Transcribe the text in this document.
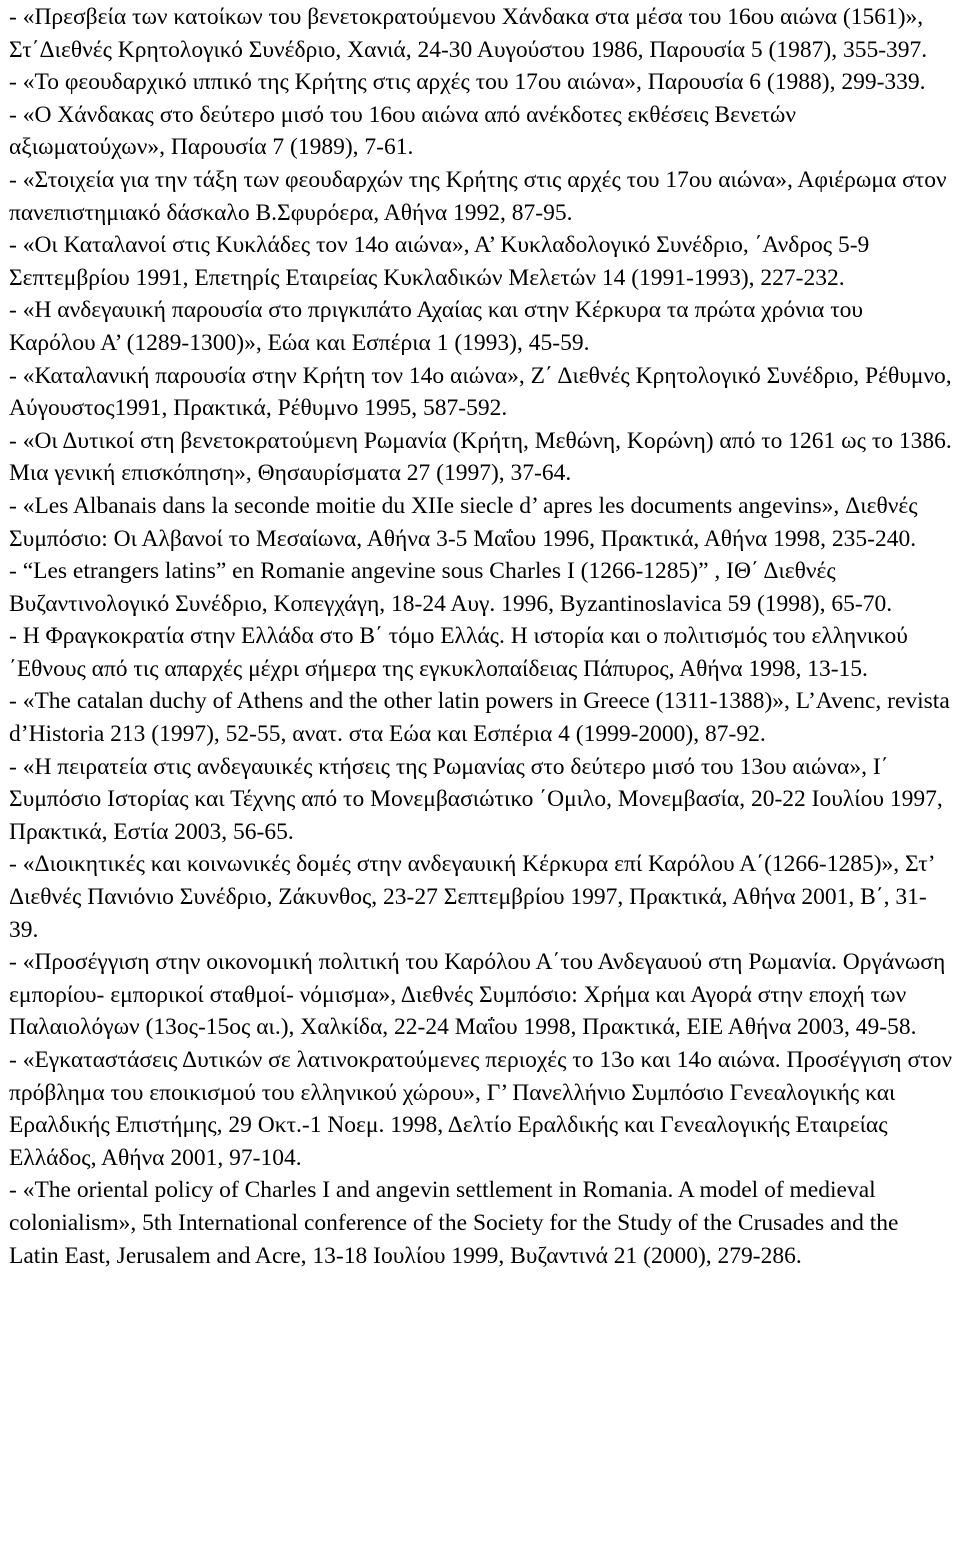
- «Πρεσβεία των κατοίκων του βενετοκρατούμενου Χάνδακα στα μέσα του 16ου αιώνα (1561)», Στ΄Διεθνές Κρητολογικό Συνέδριο, Χανιά, 24-30 Αυγούστου 1986, Παρουσία 5 (1987), 355-397.

- «Το φεουδαρχικό ιππικό της Κρήτης στις αρχές του 17ου αιώνα», Παρουσία 6 (1988), 299-339.

- «Ο Χάνδακας στο δεύτερο μισό του 16ου αιώνα από ανέκδοτες εκθέσεις Βενετών αξιωματούχων», Παρουσία 7 (1989), 7-61.

- «Στοιχεία για την τάξη των φεουδαρχών της Κρήτης στις αρχές του 17ου αιώνα», Αφιέρωμα στον πανεπιστημιακό δάσκαλο Β.Σφυρόερα, Αθήνα 1992, 87-95.

- «Οι Καταλανοί στις Κυκλάδες τον 14ο αιώνα», Α’ Κυκλαδολογικό Συνέδριο, ΄Ανδρος 5-9 Σεπτεμβρίου 1991, Επετηρίς Εταιρείας Κυκλαδικών Μελετών 14 (1991-1993), 227-232.

- «Η ανδεγαυική παρουσία στο πριγκιπάτο Αχαίας και στην Κέρκυρα τα πρώτα χρόνια του Καρόλου Α’ (1289-1300)», Εώα και Εσπέρια 1 (1993), 45-59.

- «Καταλανική παρουσία στην Κρήτη τον 14ο αιώνα», Ζ΄ Διεθνές Κρητολογικό Συνέδριο, Ρέθυμνο, Αύγουστος1991, Πρακτικά, Ρέθυμνο 1995, 587-592.

- «Οι Δυτικοί στη βενετοκρατούμενη Ρωμανία (Κρήτη, Μεθώνη, Κορώνη) από το 1261 ως το 1386. Μια γενική επισκόπηση», Θησαυρίσματα 27 (1997), 37-64.

- «Les Albanais dans la seconde moitie du XIIe siecle d’ apres les documents angevins», Διεθνές Συμπόσιο: Οι Αλβανοί το Μεσαίωνα, Αθήνα 3-5 Μαΐου 1996, Πρακτικά, Αθήνα 1998, 235-240.

- “Les etrangers latins” en Romanie angevine sous Charles I (1266-1285)” , ΙΘ΄ Διεθνές Βυζαντινολογικό Συνέδριο, Κοπεγχάγη, 18-24 Αυγ. 1996, Byzantinoslavica 59 (1998), 65-70.

- Η Φραγκοκρατία στην Ελλάδα στο Β΄ τόμο Ελλάς. Η ιστορία και ο πολιτισμός του ελληνικού ΄Εθνους από τις απαρχές μέχρι σήμερα της εγκυκλοπαίδειας Πάπυρος, Αθήνα 1998, 13-15.

- «The catalan duchy of Athens and the other latin powers in Greece (1311-1388)», L’Avenc, revista d’Historia 213 (1997), 52-55, ανατ. στα Εώα και Εσπέρια 4 (1999-2000), 87-92.

- «Η πειρατεία στις ανδεγαυικές κτήσεις της Ρωμανίας στο δεύτερο μισό του 13ου αιώνα», Ι΄ Συμπόσιο Ιστορίας και Τέχνης από το Μονεμβασιώτικο ΄Ομιλο, Μονεμβασία, 20-22 Ιουλίου 1997, Πρακτικά, Εστία 2003, 56-65.

- «Διοικητικές και κοινωνικές δομές στην ανδεγαυική Κέρκυρα επί Καρόλου Α΄(1266-1285)», Στ’ Διεθνές Πανιόνιο Συνέδριο, Ζάκυνθος, 23-27 Σεπτεμβρίου 1997, Πρακτικά, Αθήνα 2001, Β΄, 31-39.

- «Προσέγγιση στην οικονομική πολιτική του Καρόλου Α΄του Ανδεγαυού στη Ρωμανία. Οργάνωση εμπορίου- εμπορικοί σταθμοί- νόμισμα», Διεθνές Συμπόσιο: Χρήμα και Αγορά στην εποχή των Παλαιολόγων (13ος-15ος αι.), Χαλκίδα, 22-24 Μαΐου 1998, Πρακτικά, ΕΙΕ Αθήνα 2003, 49-58.

- «Εγκαταστάσεις Δυτικών σε λατινοκρατούμενες περιοχές το 13ο και 14ο αιώνα. Προσέγγιση στον πρόβλημα του εποικισμού του ελληνικού χώρου», Γ’ Πανελλήνιο Συμπόσιο Γενεαλογικής και Εραλδικής Επιστήμης, 29 Οκτ.-1 Νοεμ. 1998, Δελτίο Εραλδικής και Γενεαλογικής Εταιρείας Ελλάδος, Αθήνα 2001, 97-104.

- «The oriental policy of Charles I and angevin settlement in Romania. A model of medieval colonialism», 5th International conference of the Society for the Study of the Crusades and the Latin East, Jerusalem and Acre, 13-18 Ιουλίου 1999, Βυζαντινά 21 (2000), 279-286.
